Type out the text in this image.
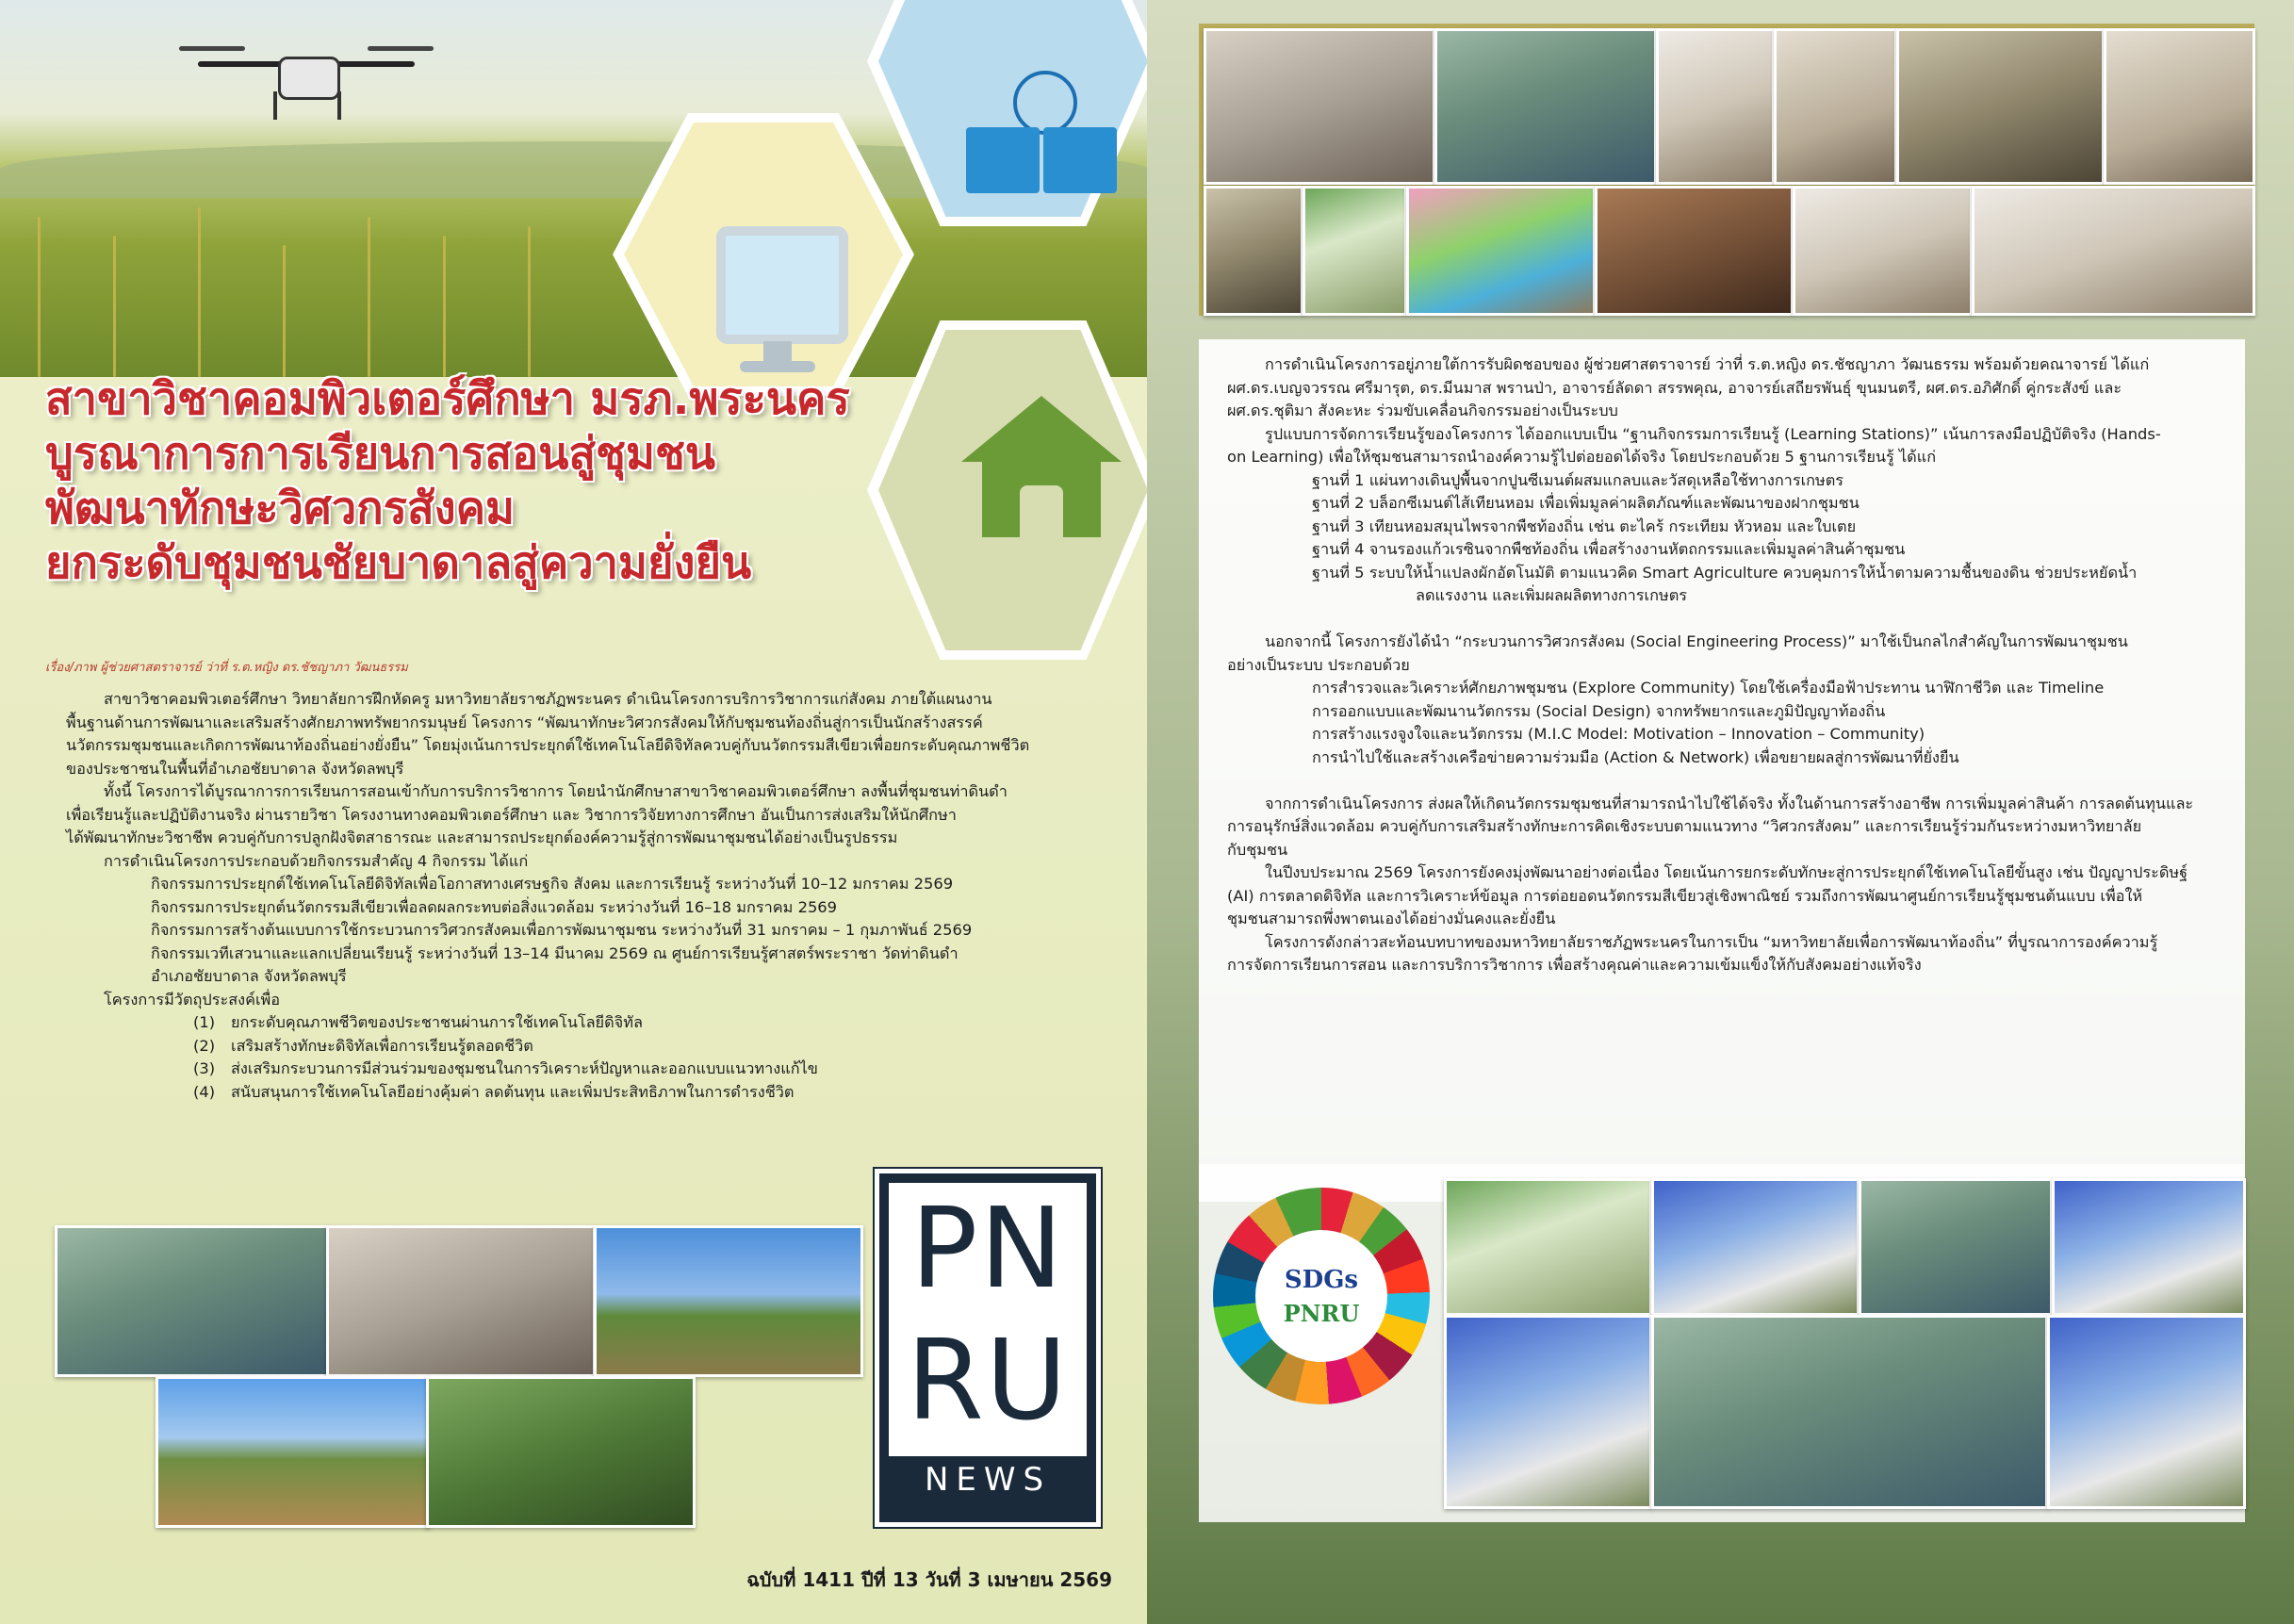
สาขาวิชาคอมพิวเตอร์ศึกษา มรภ.พระนคร
บูรณาการการเรียนการสอนสู่ชุมชน
พัฒนาทักษะวิศวกรสังคม
ยกระดับชุมชนชัยบาดาลสู่ความยั่งยืน
เรื่อง/ภาพ ผู้ช่วยศาสตราจารย์ ว่าที่ ร.ต.หญิง ดร.ชัชญาภา วัฒนธรรม

สาขาวิชาคอมพิวเตอร์ศึกษา วิทยาลัยการฝึกหัดครู มหาวิทยาลัยราชภัฏพระนคร ดำเนินโครงการบริการวิชาการแก่สังคม ภายใต้แผนงาน

พื้นฐานด้านการพัฒนาและเสริมสร้างศักยภาพทรัพยากรมนุษย์ โครงการ “พัฒนาทักษะวิศวกรสังคมให้กับชุมชนท้องถิ่นสู่การเป็นนักสร้างสรรค์

นวัตกรรมชุมชนและเกิดการพัฒนาท้องถิ่นอย่างยั่งยืน” โดยมุ่งเน้นการประยุกต์ใช้เทคโนโลยีดิจิทัลควบคู่กับนวัตกรรมสีเขียวเพื่อยกระดับคุณภาพชีวิต

ของประชาชนในพื้นที่อำเภอชัยบาดาล จังหวัดลพบุรี

ทั้งนี้ โครงการได้บูรณาการการเรียนการสอนเข้ากับการบริการวิชาการ โดยนำนักศึกษาสาขาวิชาคอมพิวเตอร์ศึกษา ลงพื้นที่ชุมชนท่าดินดำ

เพื่อเรียนรู้และปฏิบัติงานจริง ผ่านรายวิชา โครงงานทางคอมพิวเตอร์ศึกษา และ วิชาการวิจัยทางการศึกษา อันเป็นการส่งเสริมให้นักศึกษา

ได้พัฒนาทักษะวิชาชีพ ควบคู่กับการปลูกฝังจิตสาธารณะ และสามารถประยุกต์องค์ความรู้สู่การพัฒนาชุมชนได้อย่างเป็นรูปธรรม

การดำเนินโครงการประกอบด้วยกิจกรรมสำคัญ 4 กิจกรรม ได้แก่

กิจกรรมการประยุกต์ใช้เทคโนโลยีดิจิทัลเพื่อโอกาสทางเศรษฐกิจ สังคม และการเรียนรู้ ระหว่างวันที่ 10–12 มกราคม 2569

กิจกรรมการประยุกต์นวัตกรรมสีเขียวเพื่อลดผลกระทบต่อสิ่งแวดล้อม ระหว่างวันที่ 16–18 มกราคม 2569

กิจกรรมการสร้างต้นแบบการใช้กระบวนการวิศวกรสังคมเพื่อการพัฒนาชุมชน ระหว่างวันที่ 31 มกราคม – 1 กุมภาพันธ์ 2569

กิจกรรมเวทีเสวนาและแลกเปลี่ยนเรียนรู้ ระหว่างวันที่ 13–14 มีนาคม 2569 ณ ศูนย์การเรียนรู้ศาสตร์พระราชา วัดท่าดินดำ

อำเภอชัยบาดาล จังหวัดลพบุรี

โครงการมีวัตถุประสงค์เพื่อ

(1) ยกระดับคุณภาพชีวิตของประชาชนผ่านการใช้เทคโนโลยีดิจิทัล

(2) เสริมสร้างทักษะดิจิทัลเพื่อการเรียนรู้ตลอดชีวิต

(3) ส่งเสริมกระบวนการมีส่วนร่วมของชุมชนในการวิเคราะห์ปัญหาและออกแบบแนวทางแก้ไข

(4) สนับสนุนการใช้เทคโนโลยีอย่างคุ้มค่า ลดต้นทุน และเพิ่มประสิทธิภาพในการดำรงชีวิต

PN
RU
NEWS
ฉบับที่ 1411 ปีที่ 13 วันที่ 3 เมษายน 2569

การดำเนินโครงการอยู่ภายใต้การรับผิดชอบของ ผู้ช่วยศาสตราจารย์ ว่าที่ ร.ต.หญิง ดร.ชัชญาภา วัฒนธรรม พร้อมด้วยคณาจารย์ ได้แก่

ผศ.ดร.เบญจวรรณ ศรีมารุต, ดร.มีนมาส พรานป่า, อาจารย์ลัดดา สรรพคุณ, อาจารย์เสถียรพันธุ์ ขุนมนตรี, ผศ.ดร.อภิศักดิ์ คู่กระสังข์ และ

ผศ.ดร.ชุติมา สังคะหะ ร่วมขับเคลื่อนกิจกรรมอย่างเป็นระบบ

รูปแบบการจัดการเรียนรู้ของโครงการ ได้ออกแบบเป็น “ฐานกิจกรรมการเรียนรู้ (Learning Stations)” เน้นการลงมือปฏิบัติจริง (Hands-

on Learning) เพื่อให้ชุมชนสามารถนำองค์ความรู้ไปต่อยอดได้จริง โดยประกอบด้วย 5 ฐานการเรียนรู้ ได้แก่

ฐานที่ 1 แผ่นทางเดินปูพื้นจากปูนซีเมนต์ผสมแกลบและวัสดุเหลือใช้ทางการเกษตร

ฐานที่ 2 บล็อกซีเมนต์ไส้เทียนหอม เพื่อเพิ่มมูลค่าผลิตภัณฑ์และพัฒนาของฝากชุมชน

ฐานที่ 3 เทียนหอมสมุนไพรจากพืชท้องถิ่น เช่น ตะไคร้ กระเทียม หัวหอม และใบเตย

ฐานที่ 4 จานรองแก้วเรซินจากพืชท้องถิ่น เพื่อสร้างงานหัตถกรรมและเพิ่มมูลค่าสินค้าชุมชน

ฐานที่ 5 ระบบให้น้ำแปลงผักอัตโนมัติ ตามแนวคิด Smart Agriculture ควบคุมการให้น้ำตามความชื้นของดิน ช่วยประหยัดน้ำ

ลดแรงงาน และเพิ่มผลผลิตทางการเกษตร

นอกจากนี้ โครงการยังได้นำ “กระบวนการวิศวกรสังคม (Social Engineering Process)” มาใช้เป็นกลไกสำคัญในการพัฒนาชุมชน

อย่างเป็นระบบ ประกอบด้วย

การสำรวจและวิเคราะห์ศักยภาพชุมชน (Explore Community) โดยใช้เครื่องมือฟ้าประทาน นาฬิกาชีวิต และ Timeline

การออกแบบและพัฒนานวัตกรรม (Social Design) จากทรัพยากรและภูมิปัญญาท้องถิ่น

การสร้างแรงจูงใจและนวัตกรรม (M.I.C Model: Motivation – Innovation – Community)

การนำไปใช้และสร้างเครือข่ายความร่วมมือ (Action & Network) เพื่อขยายผลสู่การพัฒนาที่ยั่งยืน

จากการดำเนินโครงการ ส่งผลให้เกิดนวัตกรรมชุมชนที่สามารถนำไปใช้ได้จริง ทั้งในด้านการสร้างอาชีพ การเพิ่มมูลค่าสินค้า การลดต้นทุนและ

การอนุรักษ์สิ่งแวดล้อม ควบคู่กับการเสริมสร้างทักษะการคิดเชิงระบบตามแนวทาง “วิศวกรสังคม” และการเรียนรู้ร่วมกันระหว่างมหาวิทยาลัย

กับชุมชน

ในปีงบประมาณ 2569 โครงการยังคงมุ่งพัฒนาอย่างต่อเนื่อง โดยเน้นการยกระดับทักษะสู่การประยุกต์ใช้เทคโนโลยีขั้นสูง เช่น ปัญญาประดิษฐ์

(AI) การตลาดดิจิทัล และการวิเคราะห์ข้อมูล การต่อยอดนวัตกรรมสีเขียวสู่เชิงพาณิชย์ รวมถึงการพัฒนาศูนย์การเรียนรู้ชุมชนต้นแบบ เพื่อให้

ชุมชนสามารถพึ่งพาตนเองได้อย่างมั่นคงและยั่งยืน

โครงการดังกล่าวสะท้อนบทบาทของมหาวิทยาลัยราชภัฏพระนครในการเป็น “มหาวิทยาลัยเพื่อการพัฒนาท้องถิ่น” ที่บูรณาการองค์ความรู้

การจัดการเรียนการสอน และการบริการวิชาการ เพื่อสร้างคุณค่าและความเข้มแข็งให้กับสังคมอย่างแท้จริง

SDGs
PNRU
